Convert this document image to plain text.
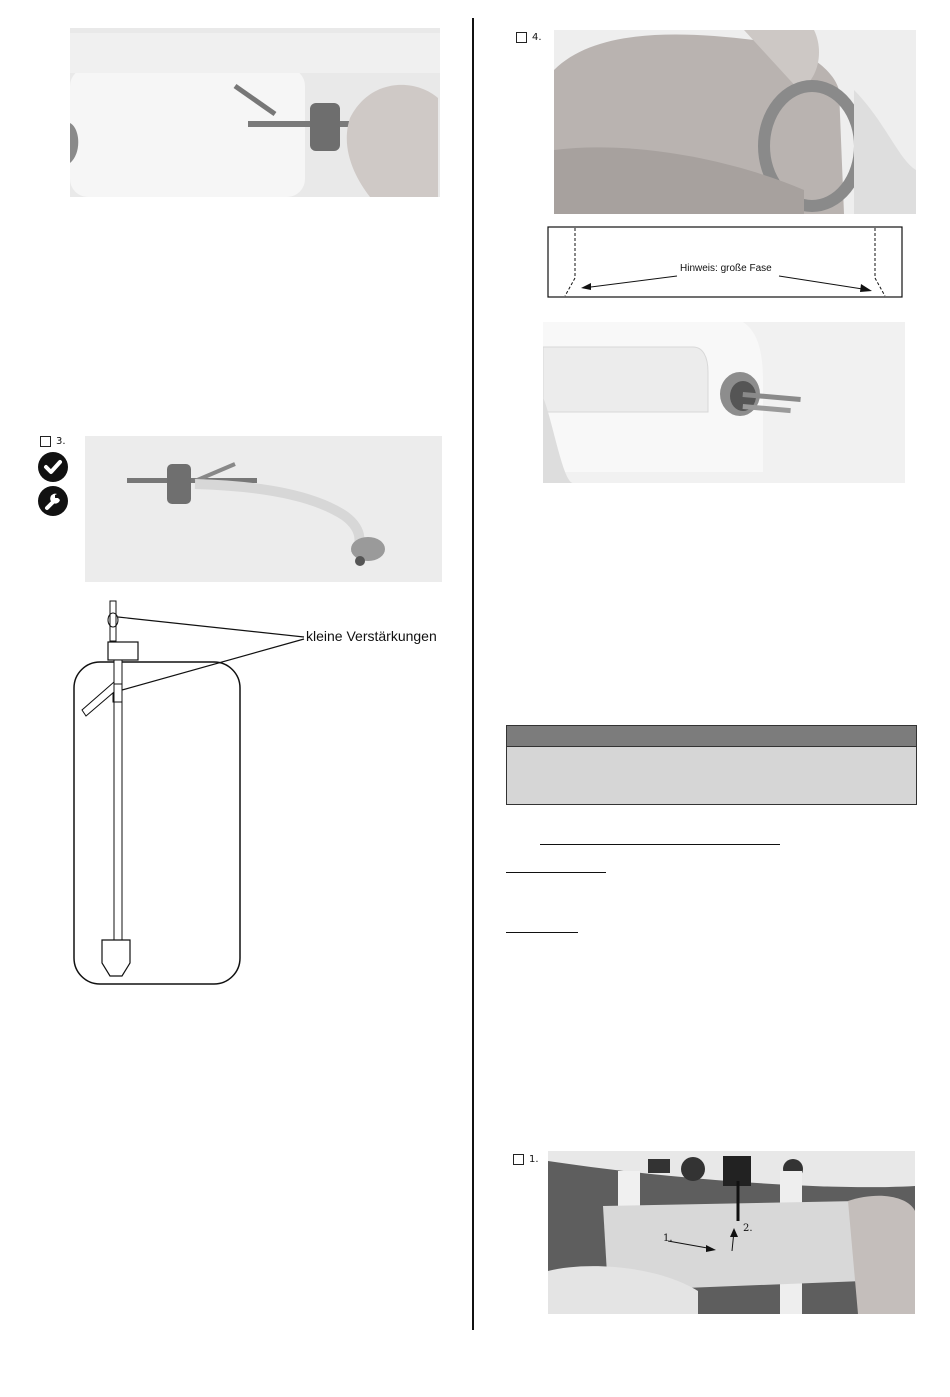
3.
kleine Verstärkungen
4.
Hinweis: große Fase
1.
1.
2.
